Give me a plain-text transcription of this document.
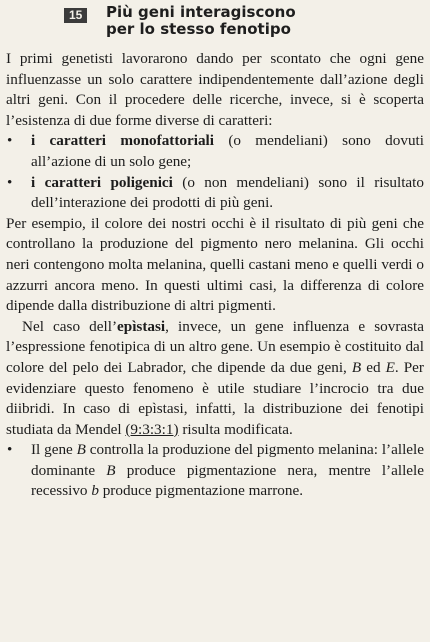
15	Più geni interagiscono
per lo stesso fenotipo

I primi genetisti lavorarono dando per scontato che ogni gene influenzasse un solo carattere indipendentemente dall’azione degli altri geni. Con il procedere delle ricerche, invece, si è scoperta l’esistenza di due forme diverse di caratteri:

•	i caratteri monofattoriali (o mendeliani) sono dovuti all’azione di un solo gene;
•	i caratteri poligenici (o non mendeliani) sono il risultato dell’interazione dei prodotti di più geni.

Per esempio, il colore dei nostri occhi è il risultato di più geni che controllano la produzione del pigmento nero melanina. Gli occhi neri contengono molta melanina, quelli castani meno e quelli verdi o azzurri ancora meno. In questi ultimi casi, la differenza di colore dipende dalla distribuzione di altri pigmenti.

Nel caso dell’epìstasi, invece, un gene influenza e sovrasta l’espressione fenotipica di un altro gene. Un esempio è costituito dal colore del pelo dei Labrador, che dipende da due geni, B ed E. Per evidenziare questo fenomeno è utile studiare l’incrocio tra due diibridi. In caso di epìstasi, infatti, la distribuzione dei fenotipi studiata da Mendel (9:3:3:1) risulta modificata.

•	Il gene B controlla la produzione del pigmento melanina: l’allele dominante B produce pigmentazione nera, mentre l’allele recessivo b produce pigmentazione marrone.
